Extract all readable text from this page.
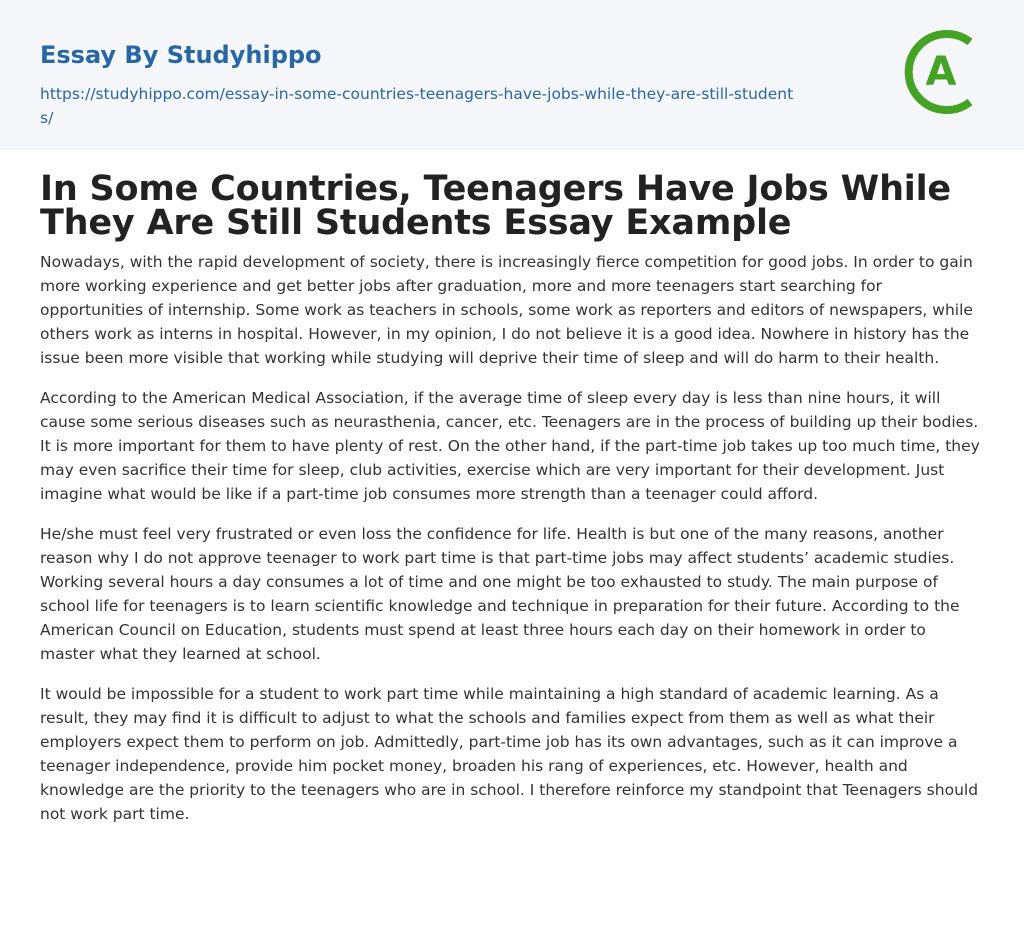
Essay By Studyhippo
https://studyhippo.com/essay-in-some-countries-teenagers-have-jobs-while-they-are-still-students/
A
In Some Countries, Teenagers Have Jobs While They Are Still Students Essay Example

Nowadays, with the rapid development of society, there is increasingly fierce competition for good jobs. In order to gain more working experience and get better jobs after graduation, more and more teenagers start searching for opportunities of internship. Some work as teachers in schools, some work as reporters and editors of newspapers, while others work as interns in hospital. However, in my opinion, I do not believe it is a good idea. Nowhere in history has the issue been more visible that working while studying will deprive their time of sleep and will do harm to their health.

According to the American Medical Association, if the average time of sleep every day is less than nine hours, it will cause some serious diseases such as neurasthenia, cancer, etc. Teenagers are in the process of building up their bodies. It is more important for them to have plenty of rest. On the other hand, if the part-time job takes up too much time, they may even sacrifice their time for sleep, club activities, exercise which are very important for their development. Just imagine what would be like if a part-time job consumes more strength than a teenager could afford.

He/she must feel very frustrated or even loss the confidence for life. Health is but one of the many reasons, another reason why I do not approve teenager to work part time is that part-time jobs may affect students’ academic studies. Working several hours a day consumes a lot of time and one might be too exhausted to study. The main purpose of school life for teenagers is to learn scientific knowledge and technique in preparation for their future. According to the American Council on Education, students must spend at least three hours each day on their homework in order to master what they learned at school.

It would be impossible for a student to work part time while maintaining a high standard of academic learning. As a result, they may find it is difficult to adjust to what the schools and families expect from them as well as what their employers expect them to perform on job. Admittedly, part-time job has its own advantages, such as it can improve a teenager independence, provide him pocket money, broaden his rang of experiences, etc. However, health and knowledge are the priority to the teenagers who are in school. I therefore reinforce my standpoint that Teenagers should not work part time.
